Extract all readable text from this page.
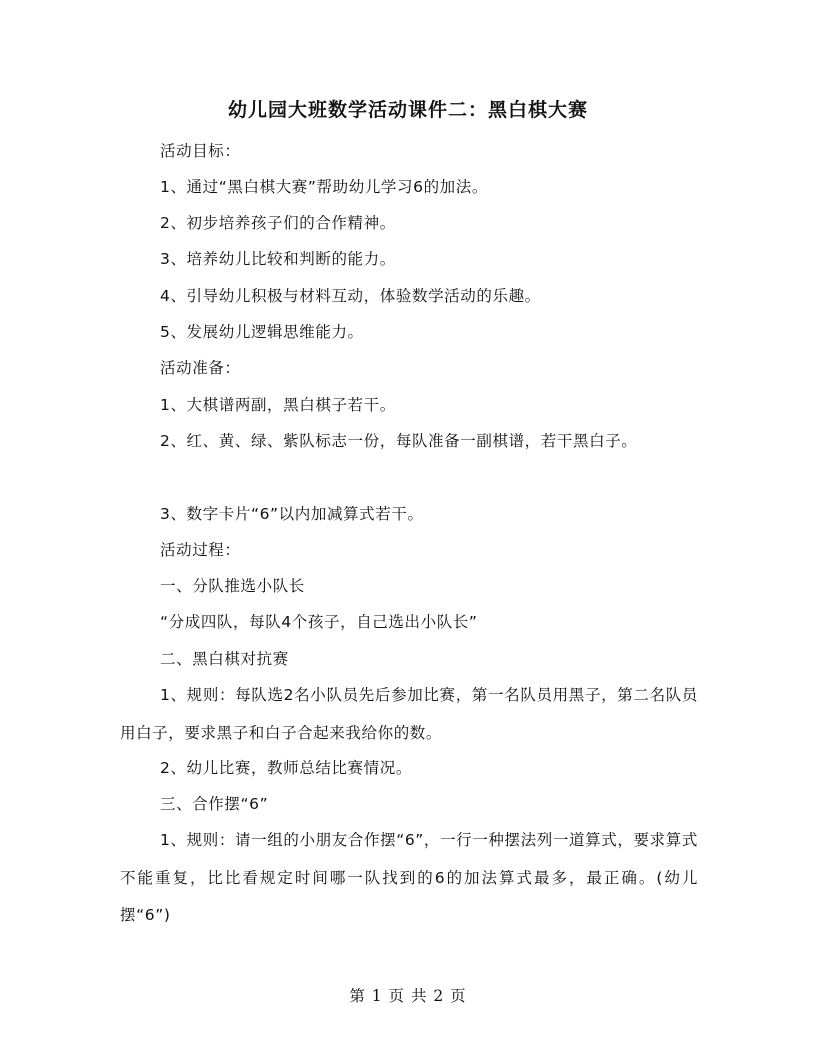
幼儿园大班数学活动课件二：黑白棋大赛
活动目标：
1、通过“黑白棋大赛”帮助幼儿学习6的加法。
2、初步培养孩子们的合作精神。
3、培养幼儿比较和判断的能力。
4、引导幼儿积极与材料互动，体验数学活动的乐趣。
5、发展幼儿逻辑思维能力。
活动准备：
1、大棋谱两副，黑白棋子若干。
2、红、黄、绿、紫队标志一份，每队准备一副棋谱，若干黑白子。
3、数字卡片“6”以内加减算式若干。
活动过程：
一、分队推选小队长
“分成四队，每队4个孩子，自己选出小队长”
二、黑白棋对抗赛
1、规则：每队选2名小队员先后参加比赛，第一名队员用黑子，第二名队员用白子，要求黑子和白子合起来我给你的数。
2、幼儿比赛，教师总结比赛情况。
三、合作摆“6”
1、规则：请一组的小朋友合作摆“6”，一行一种摆法列一道算式，要求算式不能重复，比比看规定时间哪一队找到的6的加法算式最多，最正确。(幼儿摆“6”)
第 1 页 共 2 页
